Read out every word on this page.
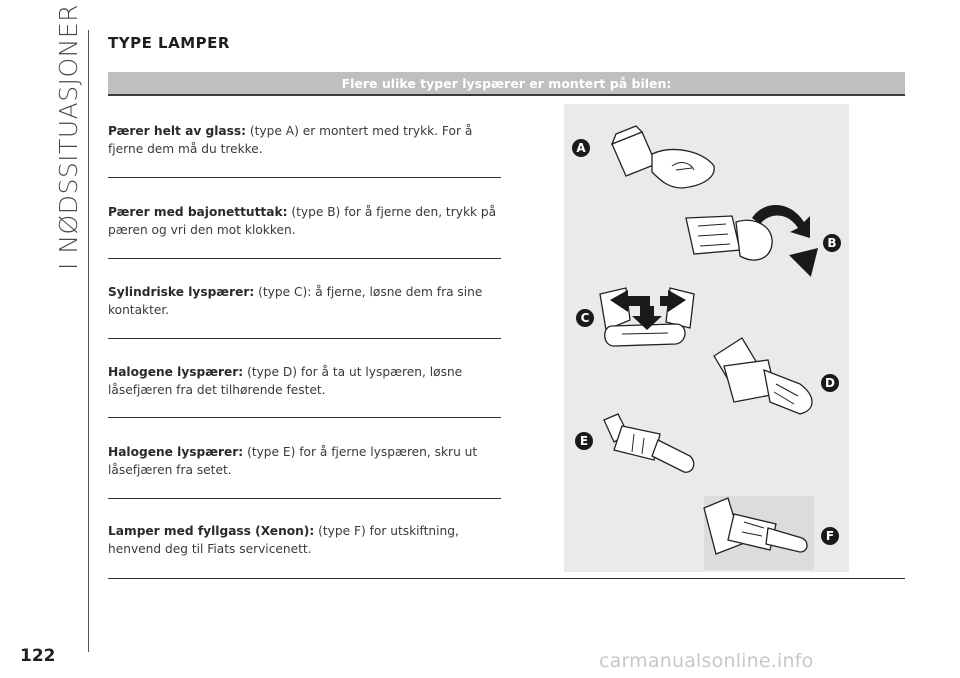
I NØDSSITUASJONER TYPE LAMPER
Flere ulike typer lyspærer er montert på bilen:
Pærer helt av glass: (type A) er montert med trykk. For å fjerne dem må du trekke.
Pærer med bajonettuttak: (type B) for å fjerne den, trykk på pæren og vri den mot klokken.
Sylindriske lyspærer: (type C): å fjerne, løsne dem fra sine kontakter.
Halogene lyspærer: (type D) for å ta ut lyspæren, løsne låsefjæren fra det tilhørende festet.
Halogene lyspærer: (type E) for å fjerne lyspæren, skru ut låsefjæren fra setet.
Lamper med fyllgass (Xenon): (type F) for utskiftning, henvend deg til Fiats servicenett.
A
B
C
D
E
F
122	carmanualsonline.info
